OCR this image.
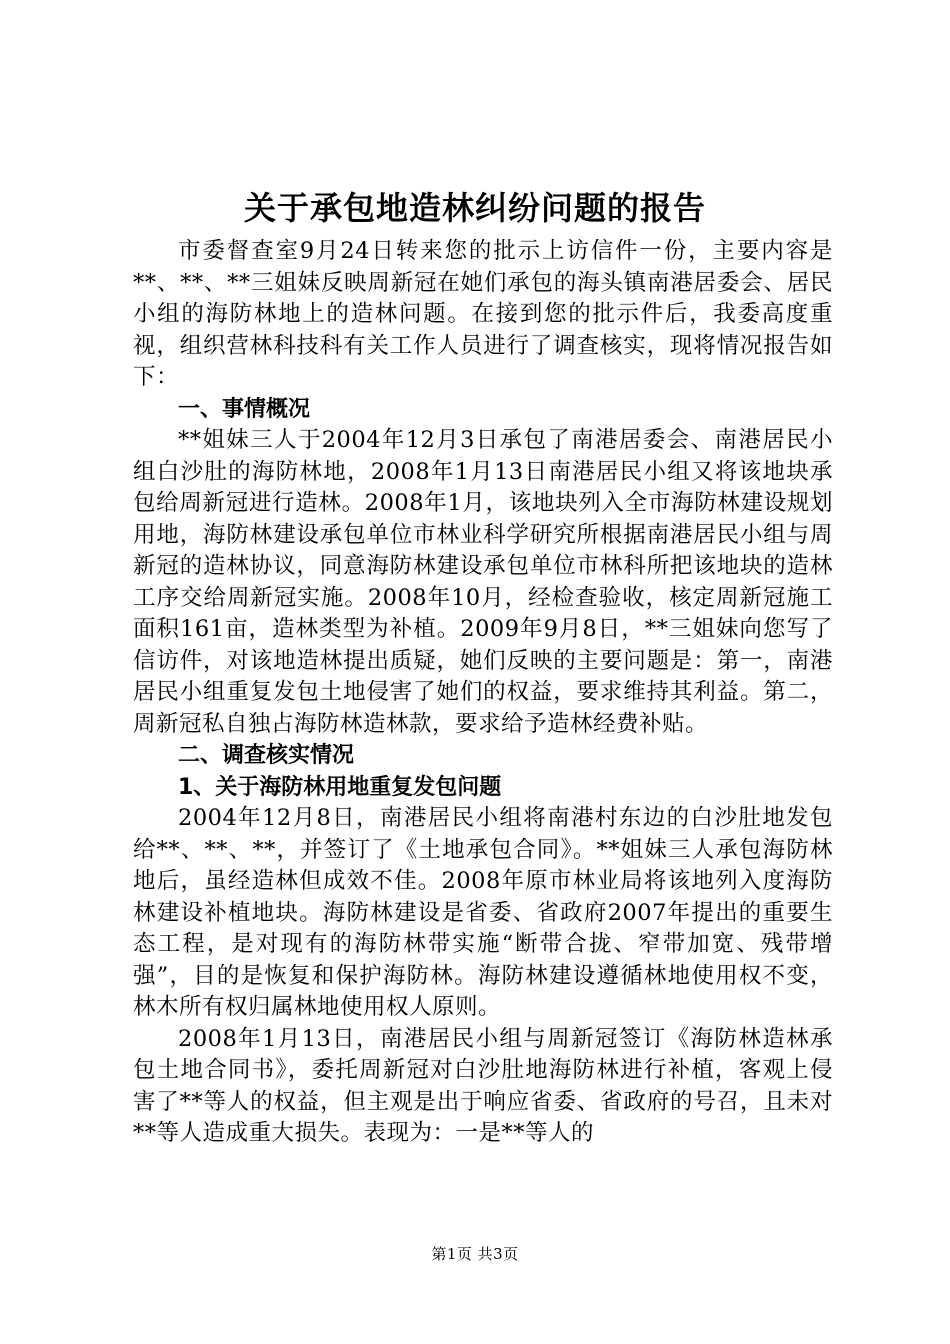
关于承包地造林纠纷问题的报告

市委督查室9月24日转来您的批示上访信件一份，主要内容是**、**、**三姐妹反映周新冠在她们承包的海头镇南港居委会、居民小组的海防林地上的造林问题。在接到您的批示件后，我委高度重视，组织营林科技科有关工作人员进行了调查核实，现将情况报告如下：

一、事情概况

**姐妹三人于2004年12月3日承包了南港居委会、南港居民小组白沙肚的海防林地，2008年1月13日南港居民小组又将该地块承包给周新冠进行造林。2008年1月，该地块列入全市海防林建设规划用地，海防林建设承包单位市林业科学研究所根据南港居民小组与周新冠的造林协议，同意海防林建设承包单位市林科所把该地块的造林工序交给周新冠实施。2008年10月，经检查验收，核定周新冠施工面积161亩，造林类型为补植。2009年9月8日，**三姐妹向您写了信访件，对该地造林提出质疑，她们反映的主要问题是：第一，南港居民小组重复发包土地侵害了她们的权益，要求维持其利益。第二，周新冠私自独占海防林造林款，要求给予造林经费补贴。

二、调查核实情况

1、关于海防林用地重复发包问题

2004年12月8日，南港居民小组将南港村东边的白沙肚地发包给**、**、**，并签订了《土地承包合同》。**姐妹三人承包海防林地后，虽经造林但成效不佳。2008年原市林业局将该地列入度海防林建设补植地块。海防林建设是省委、省政府2007年提出的重要生态工程，是对现有的海防林带实施“断带合拢、窄带加宽、残带增强”，目的是恢复和保护海防林。海防林建设遵循林地使用权不变，林木所有权归属林地使用权人原则。

2008年1月13日，南港居民小组与周新冠签订《海防林造林承包土地合同书》，委托周新冠对白沙肚地海防林进行补植，客观上侵害了**等人的权益，但主观是出于响应省委、省政府的号召，且未对**等人造成重大损失。表现为：一是**等人的

第1页 共3页
